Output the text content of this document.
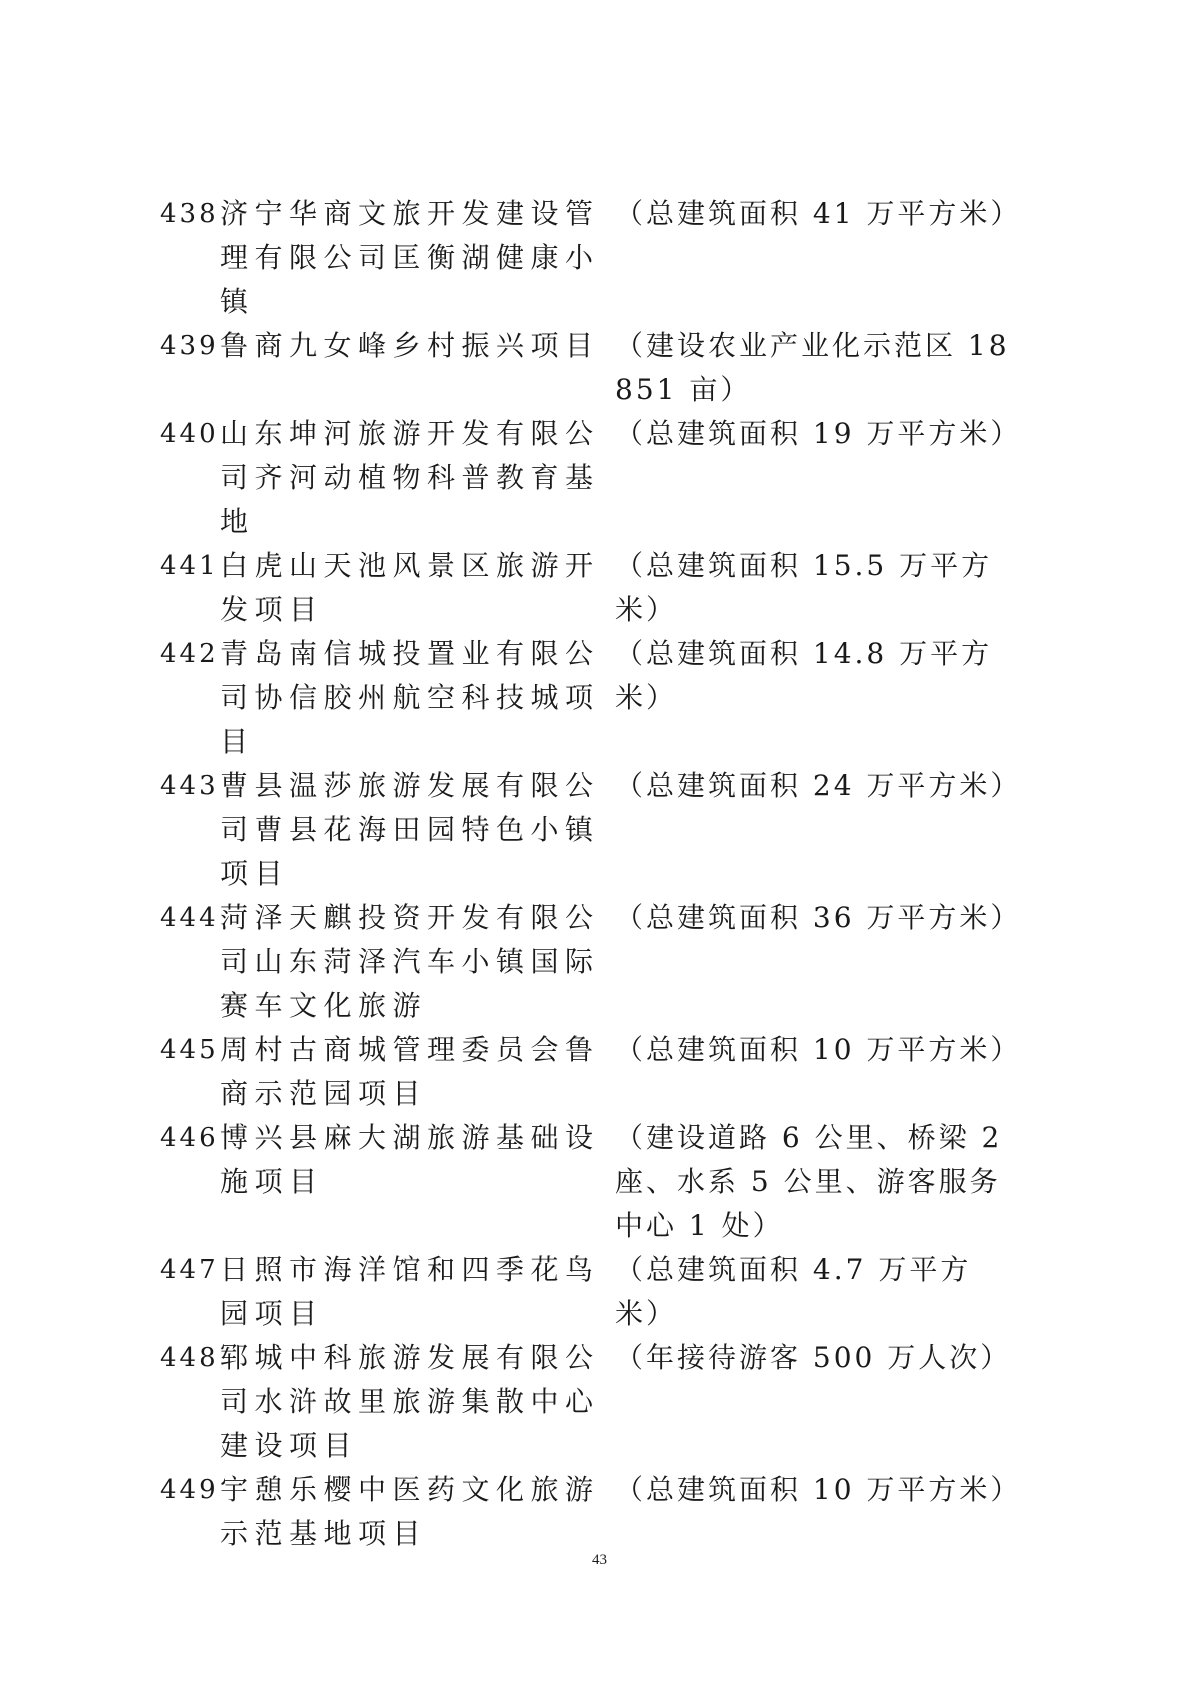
438 济宁华商文旅开发建设管理有限公司匡衡湖健康小镇
（总建筑面积 41 万平方米）
439 鲁商九女峰乡村振兴项目 （建设农业产业化示范区 18851 亩）
440 山东坤河旅游开发有限公司齐河动植物科普教育基地
（总建筑面积 19 万平方米）
441 白虎山天池风景区旅游开发项目
（总建筑面积 15.5 万平方米）
442 青岛南信城投置业有限公司协信胶州航空科技城项目
（总建筑面积 14.8 万平方米）
443 曹县温莎旅游发展有限公司曹县花海田园特色小镇项目
（总建筑面积 24 万平方米）
444 菏泽天麒投资开发有限公司山东菏泽汽车小镇国际赛车文化旅游
（总建筑面积 36 万平方米）
445 周村古商城管理委员会鲁商示范园项目
（总建筑面积 10 万平方米）
446 博兴县麻大湖旅游基础设施项目
（建设道路 6 公里、桥梁 2 座、水系 5 公里、游客服务中心 1 处）
447 日照市海洋馆和四季花鸟园项目
（总建筑面积 4.7 万平方米）
448 郓城中科旅游发展有限公司水浒故里旅游集散中心建设项目
（年接待游客 500 万人次）
449 宇憩乐樱中医药文化旅游示范基地项目
（总建筑面积 10 万平方米）
43
